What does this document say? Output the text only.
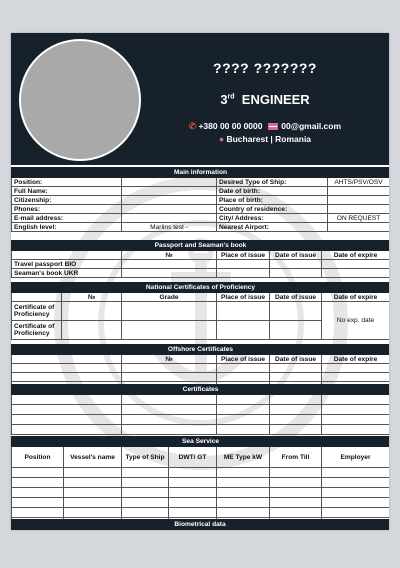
???? ???????
3rd ENGINEER
✆ +380 00 00 0000 00@gmail.com
● Bucharest | Romania
Main information			
Position:		Desired Type of Ship:	AHTS/PSV/OSV
Full Name:		Date of birth:	
Citizenship:		Place of birth:	
Phones:		Country of residence:	
E-mail address:		City/ Address:	ON REQUEST
English level:	Marlins test -	Nearest Airport:	
Passport and Seaman's book				
	№	Place of issue	Date of issue	Date of expire
Travel passport BIO				
Seaman's book UKR				
National Certificates of Proficiency					
	№	Grade	Place of issue	Date of issue	Date of expire
Certificate of Proficiency					No exp. date
Certificate of Proficiency					
Offshore Certificates				
	№	Place of issue	Date of issue	Date of expire

Certificates				

Sea Service						
Position	Vessel's name	Type of Ship	DWT/ GT	ME Type kW	From Till	Employer

Biometrical data
